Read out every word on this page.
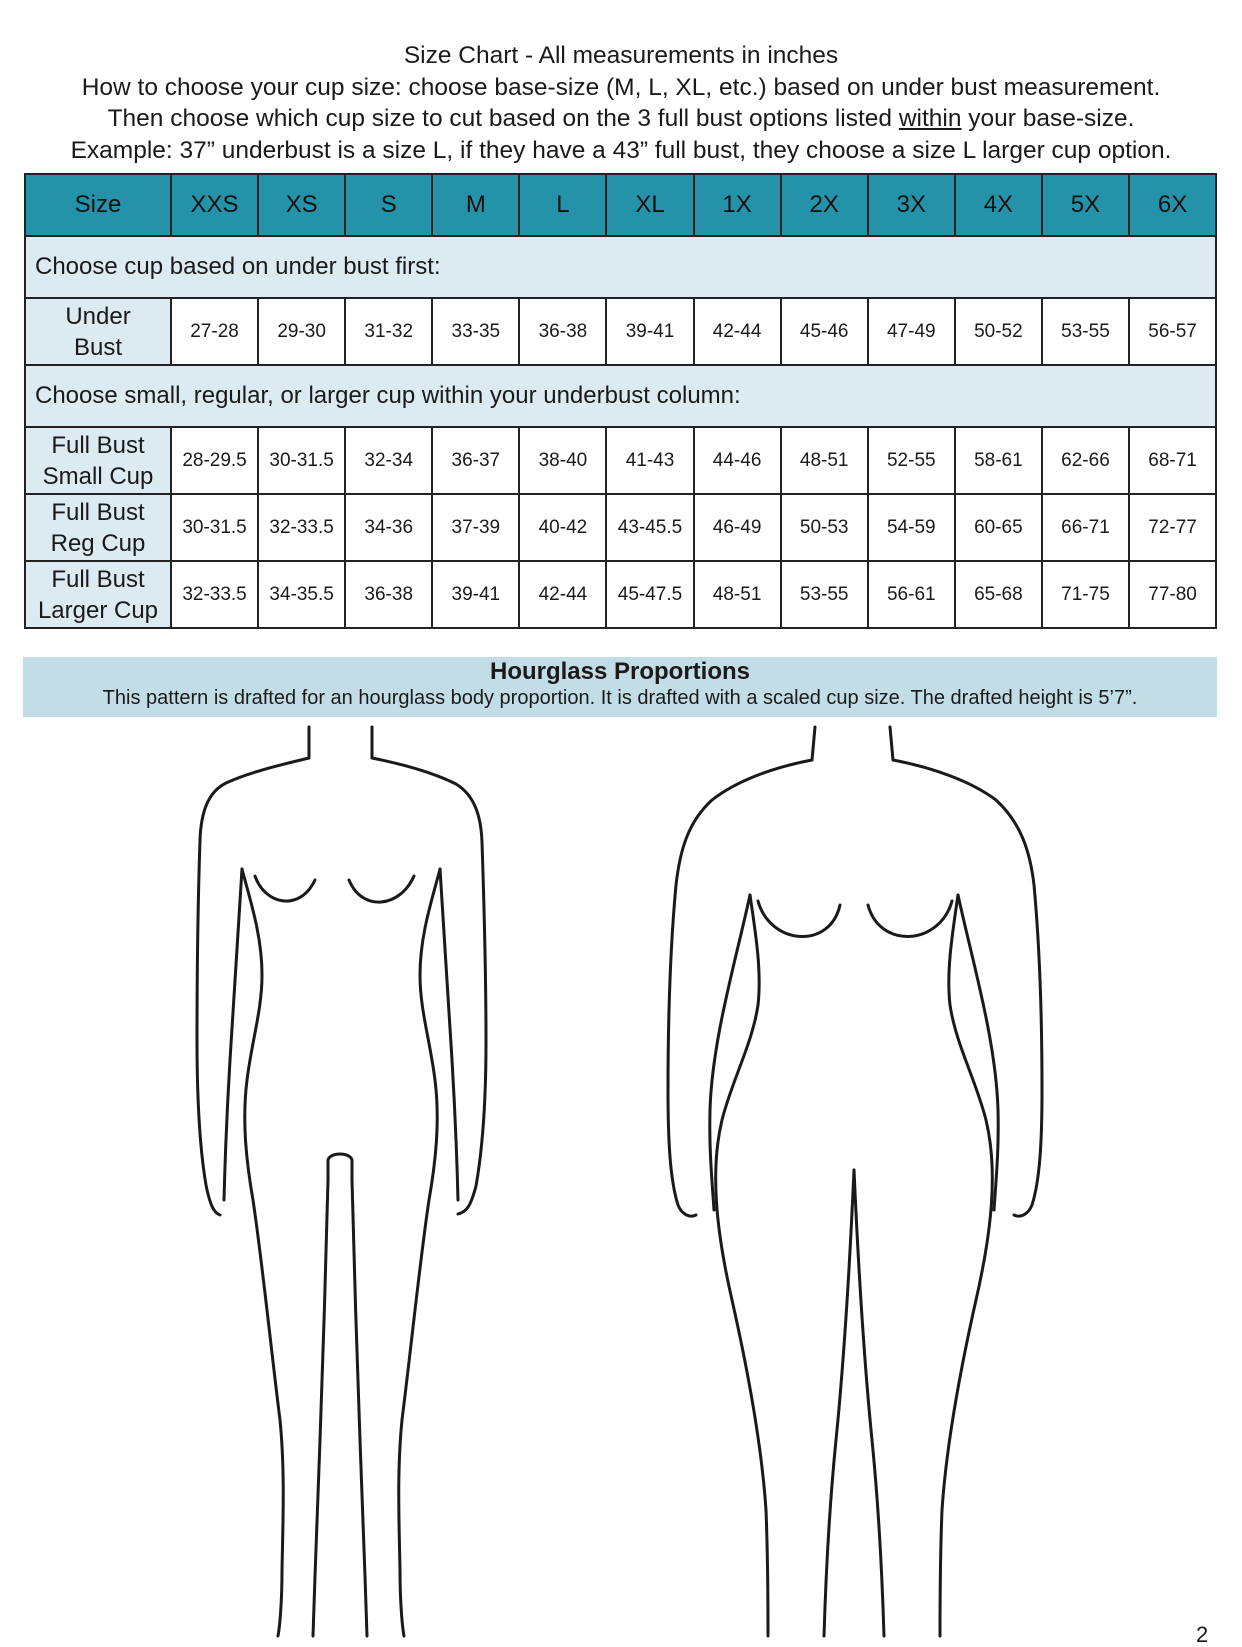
Size Chart - All measurements in inches
How to choose your cup size: choose base-size (M, L, XL, etc.) based on under bust measurement.
Then choose which cup size to cut based on the 3 full bust options listed within your base-size.
Example: 37” underbust is a size L, if they have a 43” full bust, they choose a size L larger cup option.
Size	XXS	XS	S	M	L	XL	1X	2X	3X	4X	5X	6X
Choose cup based on under bust first:												
Under
Bust	27-28	29-30	31-32	33-35	36-38	39-41	42-44	45-46	47-49	50-52	53-55	56-57
Choose small, regular, or larger cup within your underbust column:												
Full Bust
Small Cup	28-29.5	30-31.5	32-34	36-37	38-40	41-43	44-46	48-51	52-55	58-61	62-66	68-71
Full Bust
Reg Cup	30-31.5	32-33.5	34-36	37-39	40-42	43-45.5	46-49	50-53	54-59	60-65	66-71	72-77
Full Bust
Larger Cup	32-33.5	34-35.5	36-38	39-41	42-44	45-47.5	48-51	53-55	56-61	65-68	71-75	77-80
Hourglass Proportions
This pattern is drafted for an hourglass body proportion. It is drafted with a scaled cup size. The drafted height is 5’7”.
2
